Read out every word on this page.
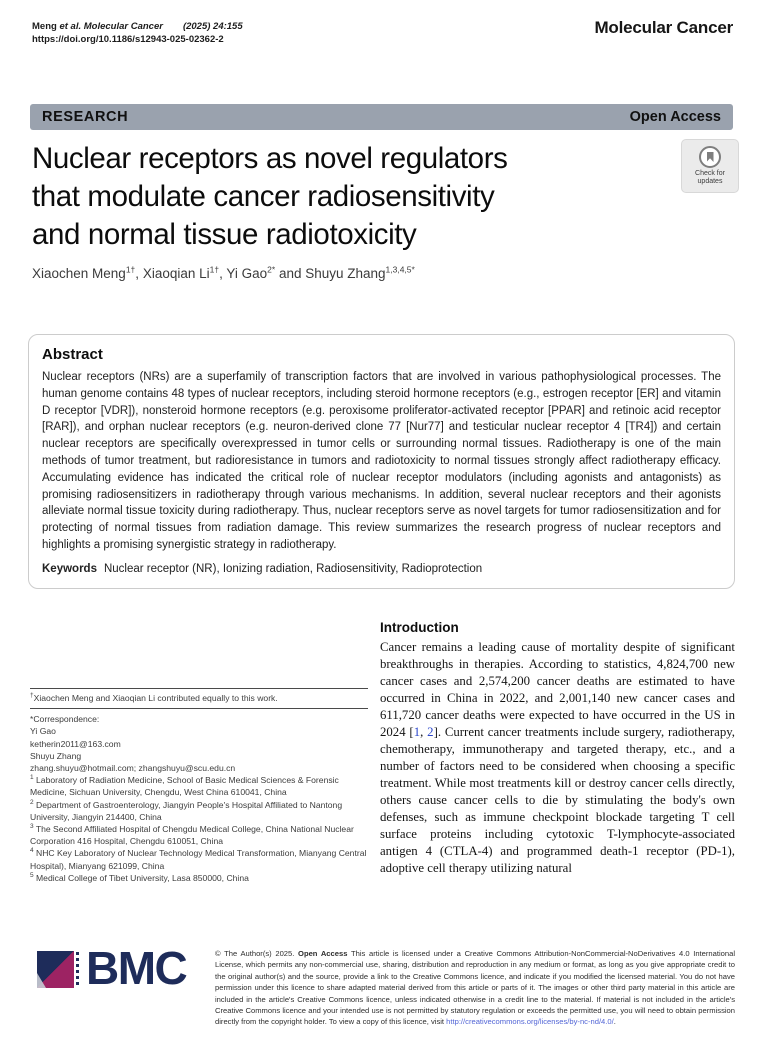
Meng et al. Molecular Cancer (2025) 24:155
https://doi.org/10.1186/s12943-025-02362-2
Molecular Cancer
RESEARCH	Open Access
Check for
updates
Nuclear receptors as novel regulators
that modulate cancer radiosensitivity
and normal tissue radiotoxicity
Xiaochen Meng$^{1\dagger}$, Xiaoqian $Li^{1\dagger}$, Yi Gao$^{2*}$ and Shuyu Zhang$^{1,3,4,5*}$
Abstract
Nuclear receptors (NRs) are a superfamily of transcription factors that are involved in various pathophysiological processes. The human genome contains 48 types of nuclear receptors, including steroid hormone receptors (e.g., estrogen receptor [ER] and vitamin D receptor [VDR]), nonsteroid hormone receptors (e.g. peroxisome proliferator-activated receptor [PPAR] and retinoic acid receptor [RAR]), and orphan nuclear receptors (e.g. neuron-derived clone 77 [Nur77] and testicular nuclear receptor 4 [TR4]) and certain nuclear receptors are specifically overexpressed in tumor cells or surrounding normal tissues. Radiotherapy is one of the main methods of tumor treatment, but radioresistance in tumors and radiotoxicity to normal tissues strongly affect radiotherapy efficacy. Accumulating evidence has indicated the critical role of nuclear receptor modulators (including agonists and antagonists) as promising radiosensitizers in radiotherapy through various mechanisms. In addition, several nuclear receptors and their agonists alleviate normal tissue toxicity during radiotherapy. Thus, nuclear receptors serve as novel targets for tumor radiosensitization and for protecting of normal tissues from radiation damage. This review summarizes the research progress of nuclear receptors and highlights a promising synergistic strategy in radiotherapy.
Keywords Nuclear receptor (NR), Ionizing radiation, Radiosensitivity, Radioprotection
†Xiaochen Meng and Xiaoqian Li contributed equally to this work.
*Correspondence:
Yi Gao
ketherin2011@163.com
Shuyu Zhang
zhang.shuyu@hotmail.com; zhangshuyu@scu.edu.cn
$^1$ Laboratory of Radiation Medicine, School of Basic Medical Sciences & Forensic Medicine, Sichuan University, Chengdu, West China 610041, China
$^2$ Department of Gastroenterology, Jiangyin People's Hospital Affiliated to Nantong University, Jiangyin 214400, China
$^3$ The Second Affiliated Hospital of Chengdu Medical College, China National Nuclear Corporation 416 Hospital, Chengdu 610051, China
$^4$ NHC Key Laboratory of Nuclear Technology Medical Transformation, Mianyang Central Hospital), Mianyang 621099, China
$^5$ Medical College of Tibet University, Lasa 850000, China
Introduction
Cancer remains a leading cause of mortality despite of significant breakthroughs in therapies. According to statistics, 4,824,700 new cancer cases and 2,574,200 cancer deaths are estimated to have occurred in China in 2022, and 2,001,140 new cancer cases and 611,720 cancer deaths were expected to have occurred in the US in 2024 [1, 2]. Current cancer treatments include surgery, radiotherapy, chemotherapy, immunotherapy and targeted therapy, etc., and a number of factors need to be considered when choosing a specific treatment. While most treatments kill or destroy cancer cells directly, others cause cancer cells to die by stimulating the body's own defenses, such as immune checkpoint blockade targeting T cell surface proteins including cytotoxic T-lymphocyte-associated antigen 4 (CTLA-4) and programmed death-1 receptor (PD-1), adoptive cell therapy utilizing natural
BMC	© The Author(s) 2025. Open Access This article is licensed under a Creative Commons Attribution-NonCommercial-NoDerivatives 4.0 International License, which permits any non-commercial use, sharing, distribution and reproduction in any medium or format, as long as you give appropriate credit to the original author(s) and the source, provide a link to the Creative Commons licence, and indicate if you modified the licensed material. You do not have permission under this licence to share adapted material derived from this article or parts of it. The images or other third party material in this article are included in the article's Creative Commons licence, unless indicated otherwise in a credit line to the material. If material is not included in the article's Creative Commons licence and your intended use is not permitted by statutory regulation or exceeds the permitted use, you will need to obtain permission directly from the copyright holder. To view a copy of this licence, visit http://creativecommons.org/licenses/by-nc-nd/4.0/.
